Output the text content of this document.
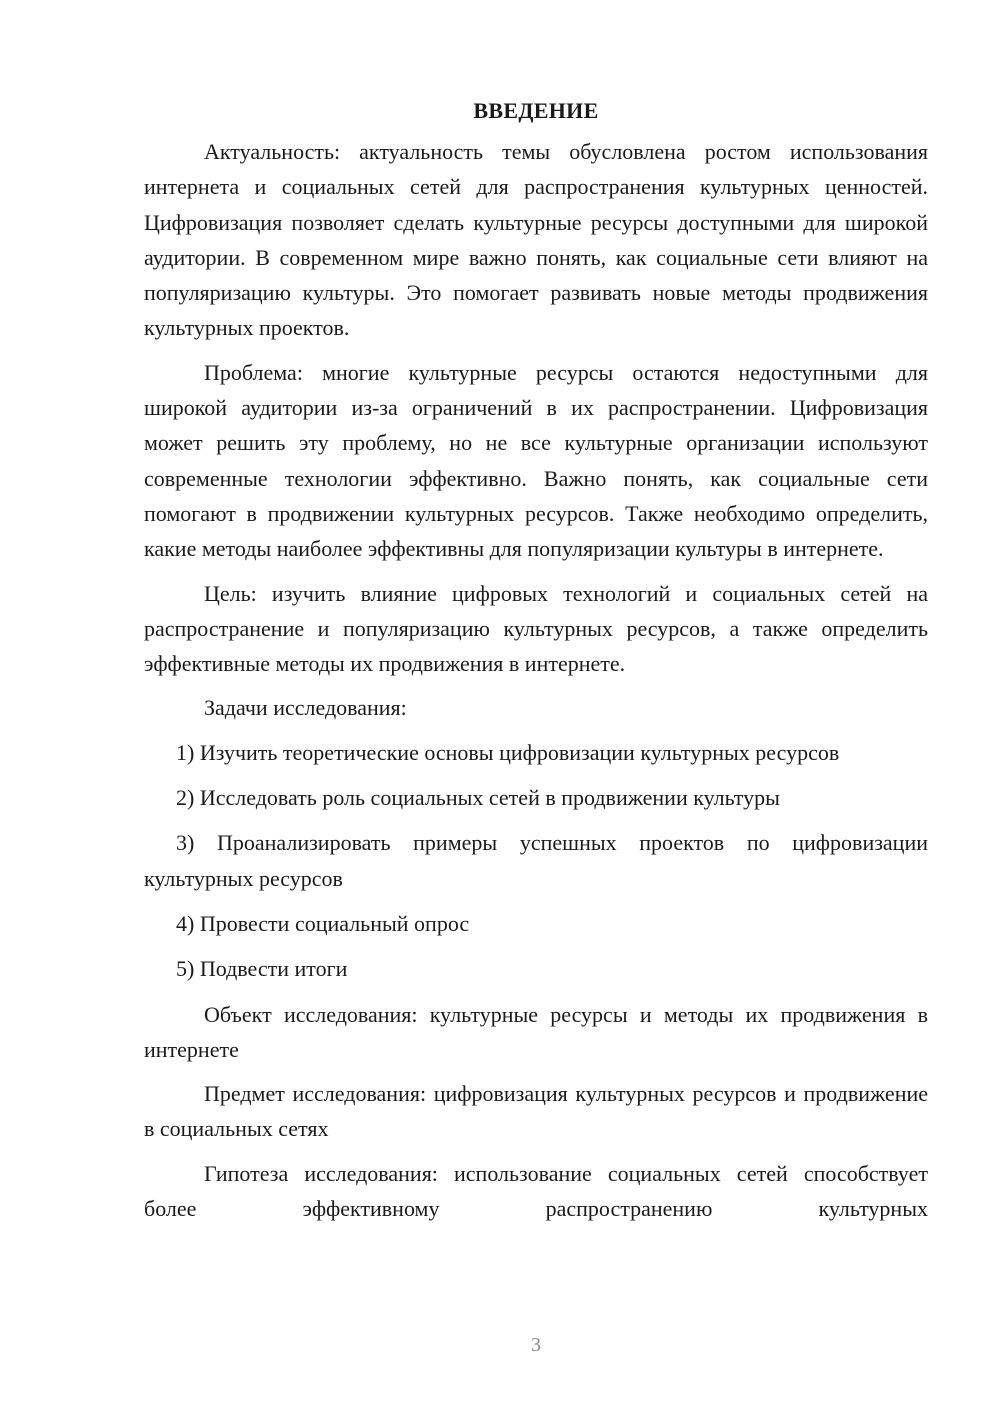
ВВЕДЕНИЕ

Актуальность: актуальность темы обусловлена ростом использования интернета и социальных сетей для распространения культурных ценностей. Цифровизация позволяет сделать культурные ресурсы доступными для широкой аудитории. В современном мире важно понять, как социальные сети влияют на популяризацию культуры. Это помогает развивать новые методы продвижения культурных проектов.

Проблема: многие культурные ресурсы остаются недоступными для широкой аудитории из-за ограничений в их распространении. Цифровизация может решить эту проблему, но не все культурные организации используют современные технологии эффективно. Важно понять, как социальные сети помогают в продвижении культурных ресурсов. Также необходимо определить, какие методы наиболее эффективны для популяризации культуры в интернете.

Цель: изучить влияние цифровых технологий и социальных сетей на распространение и популяризацию культурных ресурсов, а также определить эффективные методы их продвижения в интернете.

Задачи исследования:

1) Изучить теоретические основы цифровизации культурных ресурсов

2) Исследовать роль социальных сетей в продвижении культуры

3) Проанализировать примеры успешных проектов по цифровизации культурных ресурсов

4) Провести социальный опрос

5) Подвести итоги

Объект исследования: культурные ресурсы и методы их продвижения в интернете

Предмет исследования: цифровизация культурных ресурсов и продвижение в социальных сетях

Гипотеза исследования: использование социальных сетей способствует более эффективному распространению культурных

3
